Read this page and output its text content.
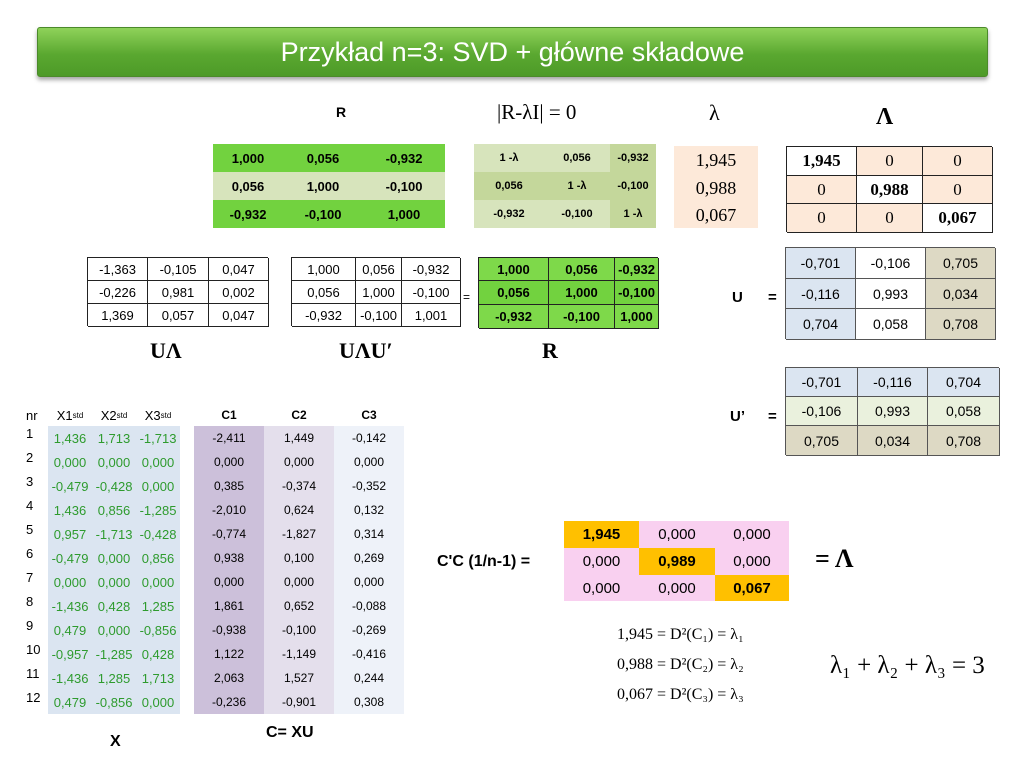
Przykład n=3: SVD + główne składowe
R	|R-λI| = 0	λ	Λ
1,000	0,056	-0,932
0,056	1,000	-0,100
-0,932	-0,100	1,000
1 -λ	0,056	-0,932
0,056	1 -λ	-0,100
-0,932	-0,100	1 -λ
1,945
0,988
0,067
1,945	0	0
0	0,988	0
0	0	0,067
-1,363	-0,105	0,047
-0,226	0,981	0,002
1,369	0,057	0,047
UΛ
1,000	0,056	-0,932
0,056	1,000	-0,100
-0,932	-0,100	1,001
UΛU′
=
1,000	0,056	-0,932
0,056	1,000	-0,100
-0,932	-0,100	1,000
R
U =
-0,701	-0,106	0,705
-0,116	0,993	0,034
0,704	0,058	0,708
U’ =
-0,701	-0,116	0,704
-0,106	0,993	0,058
0,705	0,034	0,708
nr	X1 std X2 std X3 std	C1	C2	C3
1	1,436 1,713 -1,713	-2,411	1,449	-0,142
2	0,000 0,000 0,000	0,000	0,000	0,000
3	-0,479 -0,428 0,000	0,385	-0,374	-0,352
4	1,436 0,856 -1,285	-2,010	0,624	0,132
5	0,957 -1,713 -0,428	-0,774	-1,827	0,314
6	-0,479 0,000 0,856	0,938	0,100	0,269
7	0,000 0,000 0,000	0,000	0,000	0,000
8	-1,436 0,428 1,285	1,861	0,652	-0,088
9	0,479 0,000 -0,856	-0,938	-0,100	-0,269
10 -0,957 -1,285 0,428	1,122	-1,149	-0,416
11 -1,436 1,285 1,713	2,063	1,527	0,244
12	0,479 -0,856 0,000	-0,236	-0,901	0,308
X
C= XU
C'C (1/n-1) =
1,945	0,000	0,000
0,000	0,989	0,000
0,000	0,000	0,067
= Λ
1,945 = D²(C₁) = λ₁
0,988 = D²(C₂) = λ₂
0,067 = D²(C₃) = λ₃
λ₁ + λ₂ + λ₃ = 3
